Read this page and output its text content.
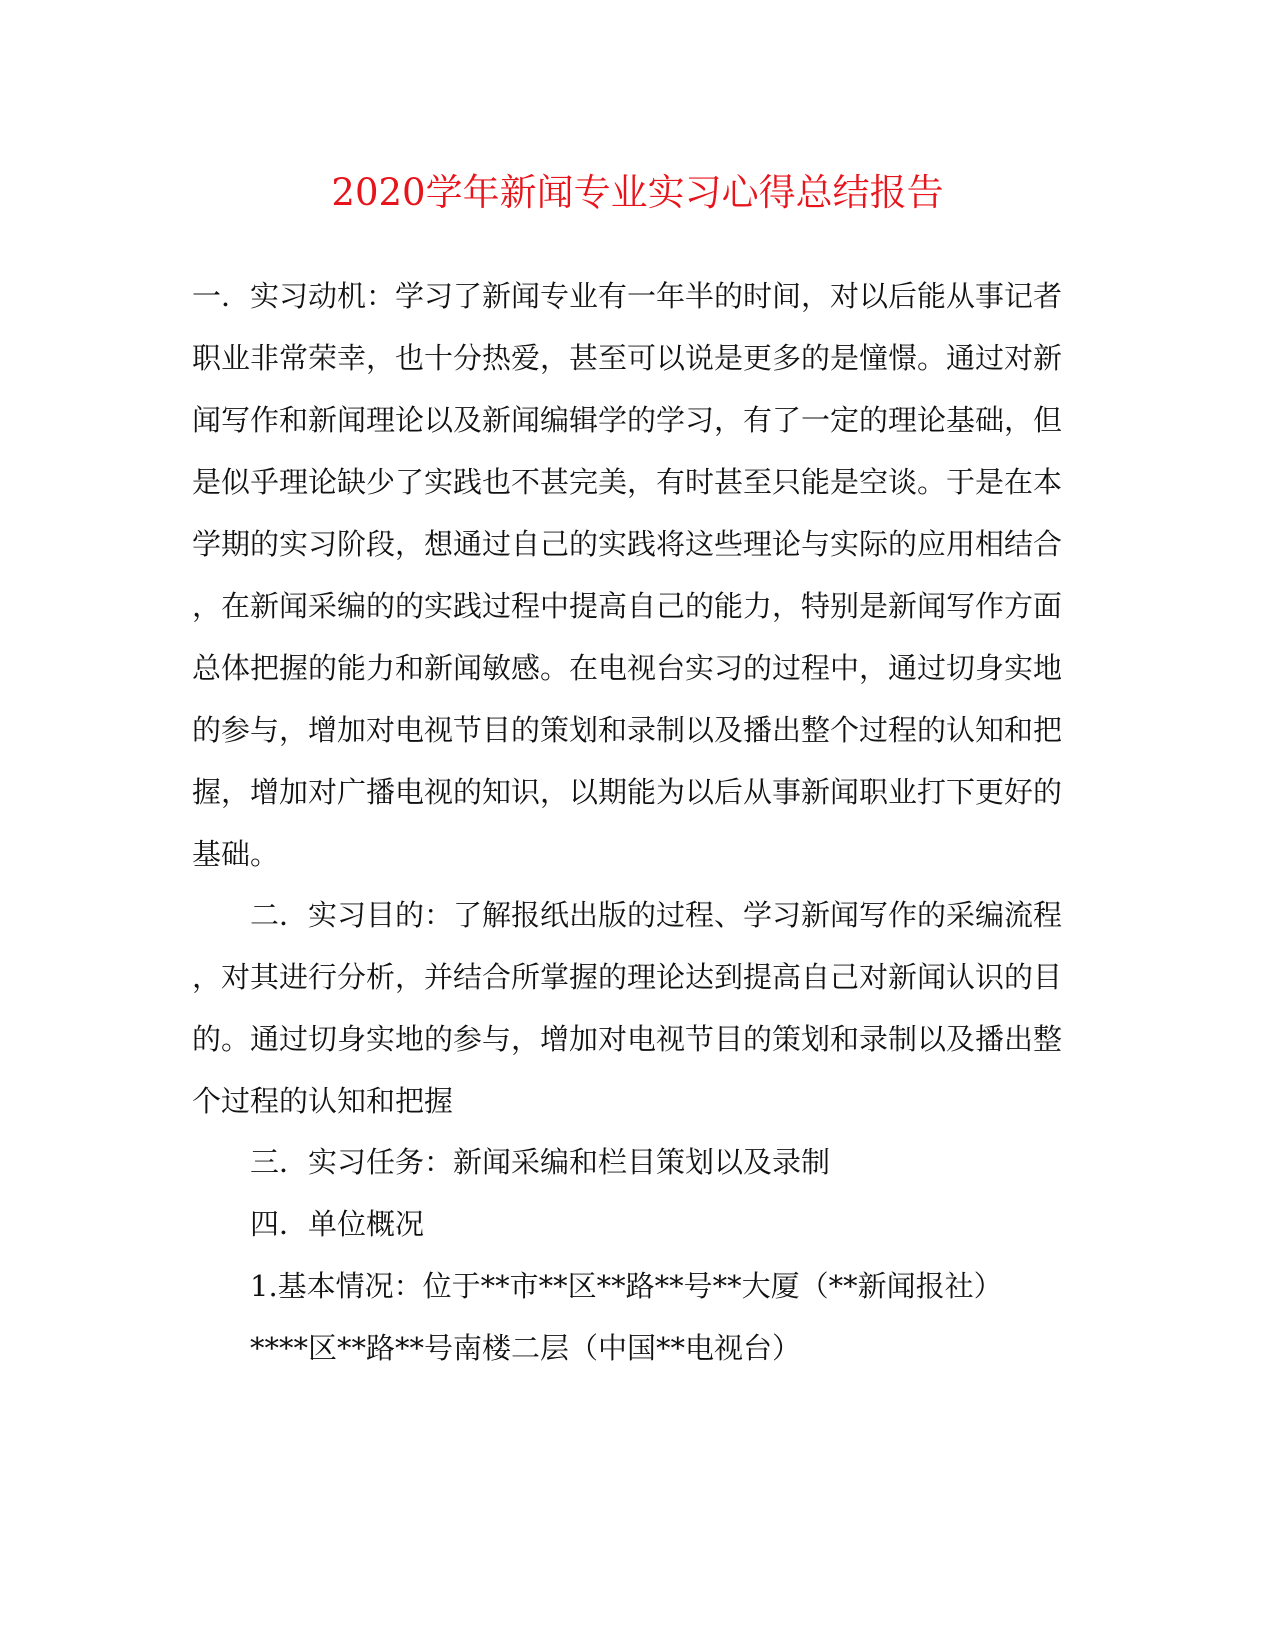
2020学年新闻专业实习心得总结报告
一．实习动机：学习了新闻专业有一年半的时间，对以后能从事记者
职业非常荣幸，也十分热爱，甚至可以说是更多的是憧憬。通过对新
闻写作和新闻理论以及新闻编辑学的学习，有了一定的理论基础，但
是似乎理论缺少了实践也不甚完美，有时甚至只能是空谈。于是在本
学期的实习阶段，想通过自己的实践将这些理论与实际的应用相结合
，在新闻采编的的实践过程中提高自己的能力，特别是新闻写作方面
总体把握的能力和新闻敏感。在电视台实习的过程中，通过切身实地
的参与，增加对电视节目的策划和录制以及播出整个过程的认知和把
握，增加对广播电视的知识，以期能为以后从事新闻职业打下更好的
基础。
二．实习目的：了解报纸出版的过程、学习新闻写作的采编流程
，对其进行分析，并结合所掌握的理论达到提高自己对新闻认识的目
的。通过切身实地的参与，增加对电视节目的策划和录制以及播出整
个过程的认知和把握
三．实习任务：新闻采编和栏目策划以及录制
四．单位概况
1.基本情况：位于**市**区**路**号**大厦（**新闻报社）
****区**路**号南楼二层（中国**电视台）
